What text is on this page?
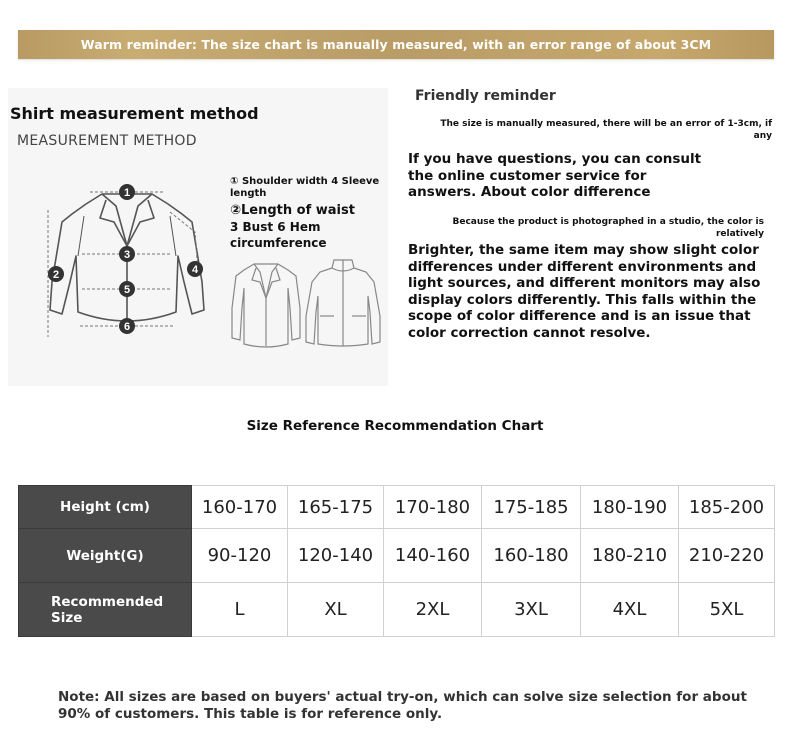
Warm reminder: The size chart is manually measured, with an error range of about 3CM
Shirt measurement method
MEASUREMENT METHOD
1
2
3
4
5
6
① Shoulder width 4 Sleeve length
②Length of waist
3 Bust 6 Hem circumference
Friendly reminder
The size is manually measured, there will be an error of 1-3cm, if any
If you have questions, you can consult the online customer service for answers. About color difference
Because the product is photographed in a studio, the color is relatively
Brighter, the same item may show slight color differences under different environments and light sources, and different monitors may also display colors differently. This falls within the scope of color difference and is an issue that color correction cannot resolve.
Size Reference Recommendation Chart
Height (cm)	160-170	165-175	170-180	175-185	180-190	185-200
Weight(G)	90-120	120-140	140-160	160-180	180-210	210-220
Recommended Size	L	XL	2XL	3XL	4XL	5XL
Note: All sizes are based on buyers' actual try-on, which can solve size selection for about 90% of customers. This table is for reference only.
